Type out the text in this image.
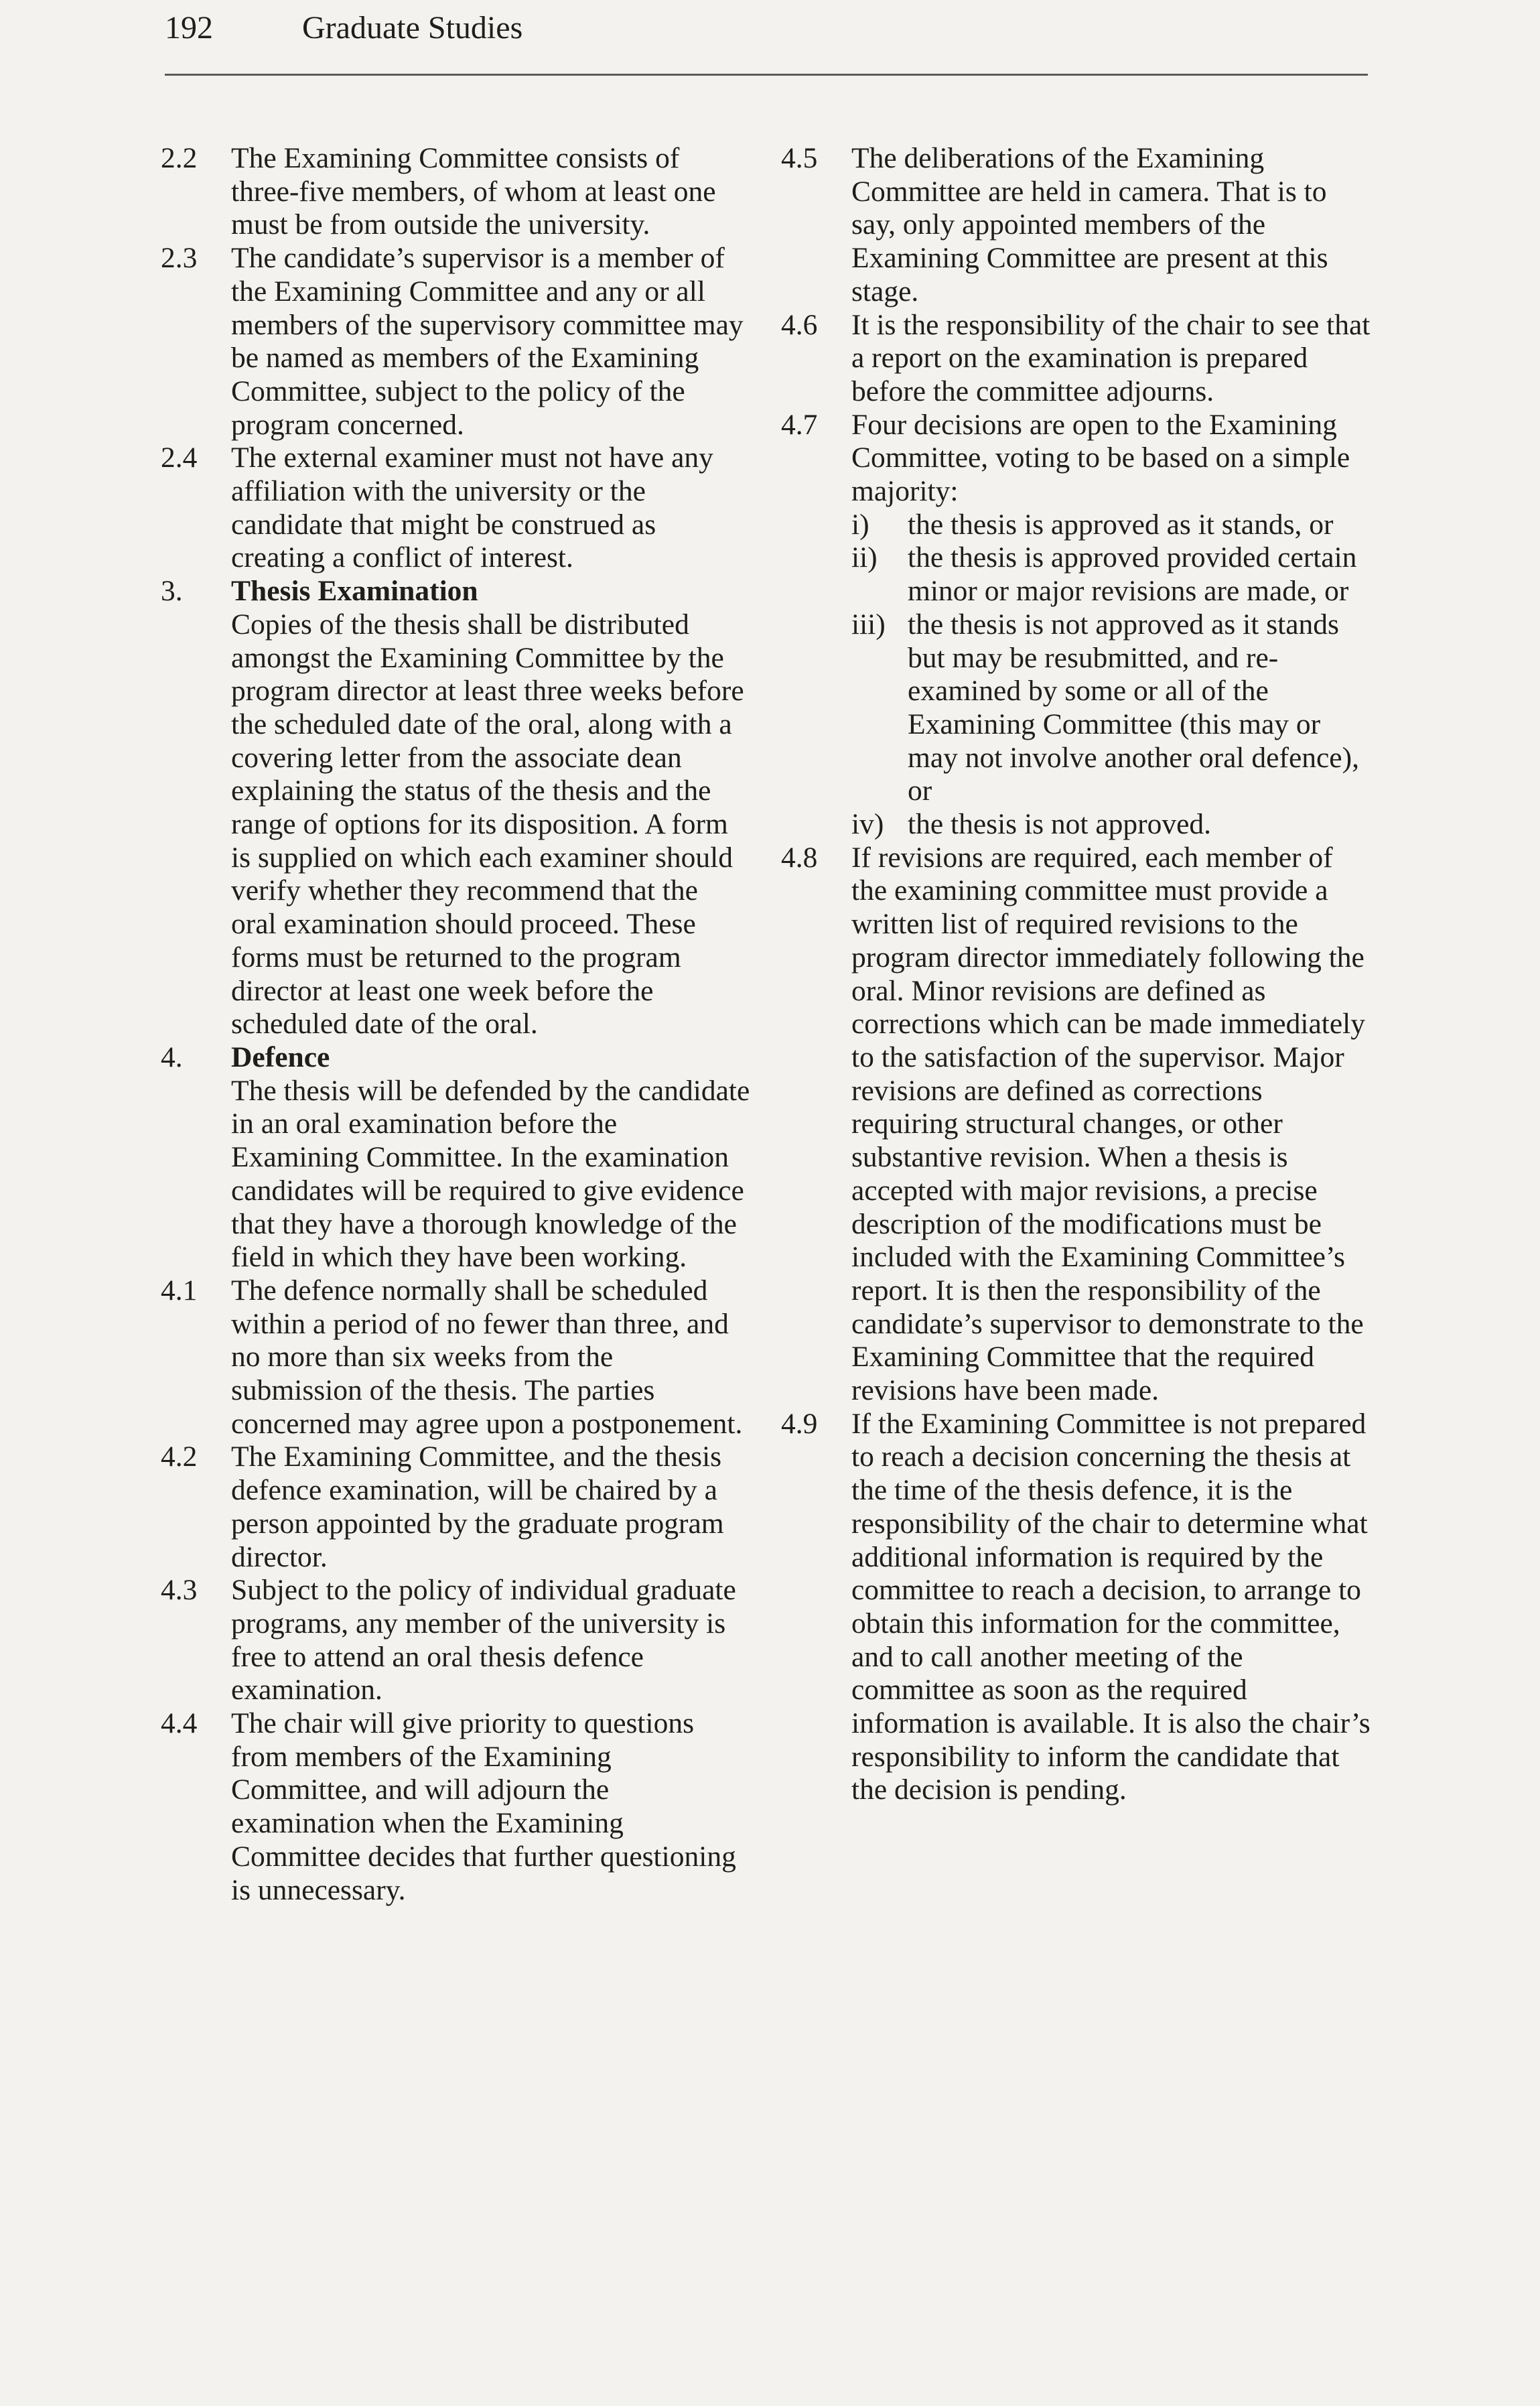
192	Graduate Studies
2.2	The Examining Committee consists of three-five members, of whom at least one must be from outside the university.

2.3	The candidate’s supervisor is a member of the Examining Committee and any or all members of the supervisory committee may be named as members of the Examining Committee, subject to the policy of the program concerned.

2.4	The external examiner must not have any affiliation with the university or the candidate that might be construed as creating a conflict of interest.

3.	Thesis Examination

Copies of the thesis shall be distributed amongst the Examining Committee by the program director at least three weeks before the scheduled date of the oral, along with a covering letter from the associate dean explaining the status of the thesis and the range of options for its disposition. A form is supplied on which each examiner should verify whether they recommend that the oral examination should proceed. These forms must be returned to the program director at least one week before the scheduled date of the oral.

4.	Defence

The thesis will be defended by the candidate in an oral examination before the Examining Committee. In the examination candidates will be required to give evidence that they have a thorough knowledge of the field in which they have been working.

4.1	The defence normally shall be scheduled within a period of no fewer than three, and no more than six weeks from the submission of the thesis. The parties concerned may agree upon a postponement.

4.2	The Examining Committee, and the thesis defence examination, will be chaired by a person appointed by the graduate program director.

4.3	Subject to the policy of individual graduate programs, any member of the university is free to attend an oral thesis defence examination.

4.4	The chair will give priority to questions from members of the Examining Committee, and will adjourn the examination when the Examining Committee decides that further questioning is unnecessary.

4.5	The deliberations of the Examining Committee are held in camera. That is to say, only appointed members of the Examining Committee are present at this stage.

4.6	It is the responsibility of the chair to see that a report on the examination is prepared before the committee adjourns.

4.7	Four decisions are open to the Examining Committee, voting to be based on a simple majority:

i)	the thesis is approved as it stands, or
ii)	the thesis is approved provided certain minor or major revisions are made, or
iii) the thesis is not approved as it stands but may be resubmitted, and re-examined by some or all of the Examining Committee (this may or may not involve another oral defence), or
iv) the thesis is not approved.
4.8	If revisions are required, each member of the examining committee must provide a written list of required revisions to the program director immediately following the oral. Minor revisions are defined as corrections which can be made immediately to the satisfaction of the supervisor. Major revisions are defined as corrections requiring structural changes, or other substantive revision. When a thesis is accepted with major revisions, a precise description of the modifications must be included with the Examining Committee’s report. It is then the responsibility of the candidate’s supervisor to demonstrate to the Examining Committee that the required revisions have been made.

4.9	If the Examining Committee is not prepared to reach a decision concerning the thesis at the time of the thesis defence, it is the responsibility of the chair to determine what additional information is required by the committee to reach a decision, to arrange to obtain this information for the committee, and to call another meeting of the committee as soon as the required information is available. It is also the chair’s responsibility to inform the candidate that the decision is pending.
